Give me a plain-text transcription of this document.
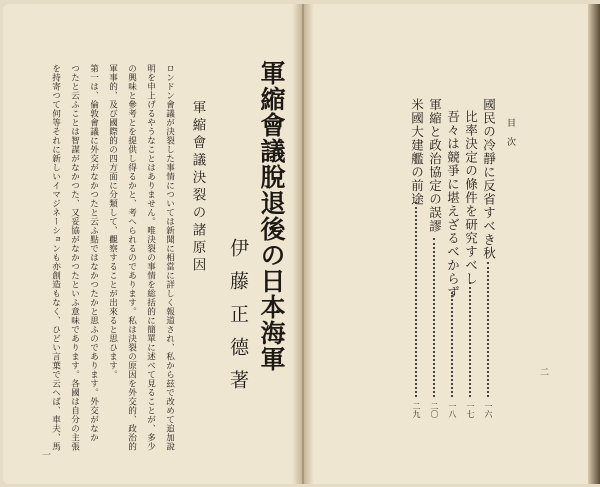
軍縮會議脫退後の日本海軍
伊藤正德著
軍縮會議決裂の諸原因
ロンドン會議が決裂した事情については新聞に相當に詳しく報道され、私から玆で改めて追加說
明を申上げるやうなことはありません。唯決裂の事情を総括的に簡單に述べて見ることが、多少
の興味と參考とを提供し得るかと、考へられるのであります。私は決裂の原因を外交的、政治的
軍事的、及び國際的の四方面に分類して、觀察することが出來ると思ひます。
第一は、倫敦會議に外交がなかつたと云ふ點ではなかつたかと思ふのであります。外交がなか
つたと云ふことは智謀がなかつた、又妥協がなかつたといふ意味であります。各國は自分の主張
を持寄つて何等それに新しいイマジネーションも亦創造もなく、ひどい言葉で云へば、車夫、馬
一
目次
國民の冷靜に反省すべき秋
比率決定の條件を研究すべし
吾々は競爭に堪えざるべからず
軍縮と政治協定の誤謬
米國大建艦の前途
一六
一七
一八
二〇
二九
二
